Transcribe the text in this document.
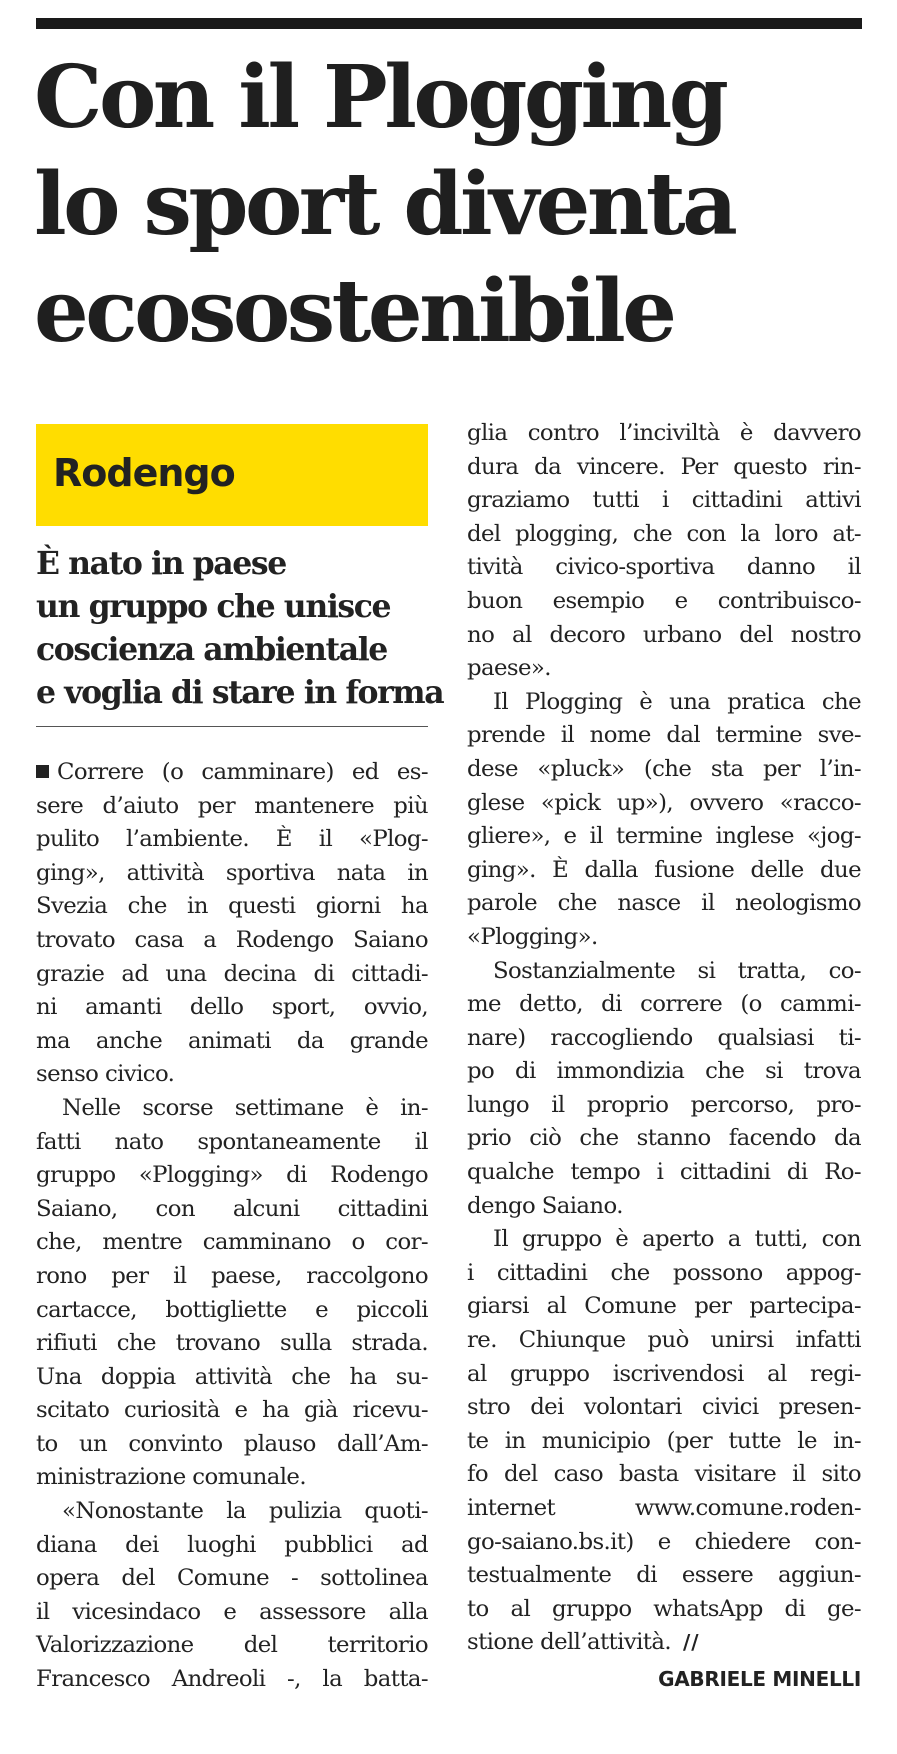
Con il Plogging
lo sport diventa
ecosostenibile
Rodengo
È nato in paese
un gruppo che unisce
coscienza ambientale
e voglia di stare in forma
Correre (o camminare) ed es-
sere d’aiuto per mantenere più
pulito l’ambiente. È il «Plog-
ging», attività sportiva nata in
Svezia che in questi giorni ha
trovato casa a Rodengo Saiano
grazie ad una decina di cittadi-
ni amanti dello sport, ovvio,
ma anche animati da grande
senso civico.
Nelle scorse settimane è in-
fatti nato spontaneamente il
gruppo «Plogging» di Rodengo
Saiano, con alcuni cittadini
che, mentre camminano o cor-
rono per il paese, raccolgono
cartacce, bottigliette e piccoli
rifiuti che trovano sulla strada.
Una doppia attività che ha su-
scitato curiosità e ha già ricevu-
to un convinto plauso dall’Am-
ministrazione comunale.
«Nonostante la pulizia quoti-
diana dei luoghi pubblici ad
opera del Comune - sottolinea
il vicesindaco e assessore alla
Valorizzazione del territorio
Francesco Andreoli -, la batta-
glia contro l’inciviltà è davvero
dura da vincere. Per questo rin-
graziamo tutti i cittadini attivi
del plogging, che con la loro at-
tività civico-sportiva danno il
buon esempio e contribuisco-
no al decoro urbano del nostro
paese».
Il Plogging è una pratica che
prende il nome dal termine sve-
dese «pluck» (che sta per l’in-
glese «pick up»), ovvero «racco-
gliere», e il termine inglese «jog-
ging». È dalla fusione delle due
parole che nasce il neologismo
«Plogging».
Sostanzialmente si tratta, co-
me detto, di correre (o cammi-
nare) raccogliendo qualsiasi ti-
po di immondizia che si trova
lungo il proprio percorso, pro-
prio ciò che stanno facendo da
qualche tempo i cittadini di Ro-
dengo Saiano.
Il gruppo è aperto a tutti, con
i cittadini che possono appog-
giarsi al Comune per partecipa-
re. Chiunque può unirsi infatti
al gruppo iscrivendosi al regi-
stro dei volontari civici presen-
te in municipio (per tutte le in-
fo del caso basta visitare il sito
internet www.comune.roden-
go-saiano.bs.it) e chiedere con-
testualmente di essere aggiun-
to al gruppo whatsApp di ge-
stione dell’attività. //
GABRIELE MINELLI
